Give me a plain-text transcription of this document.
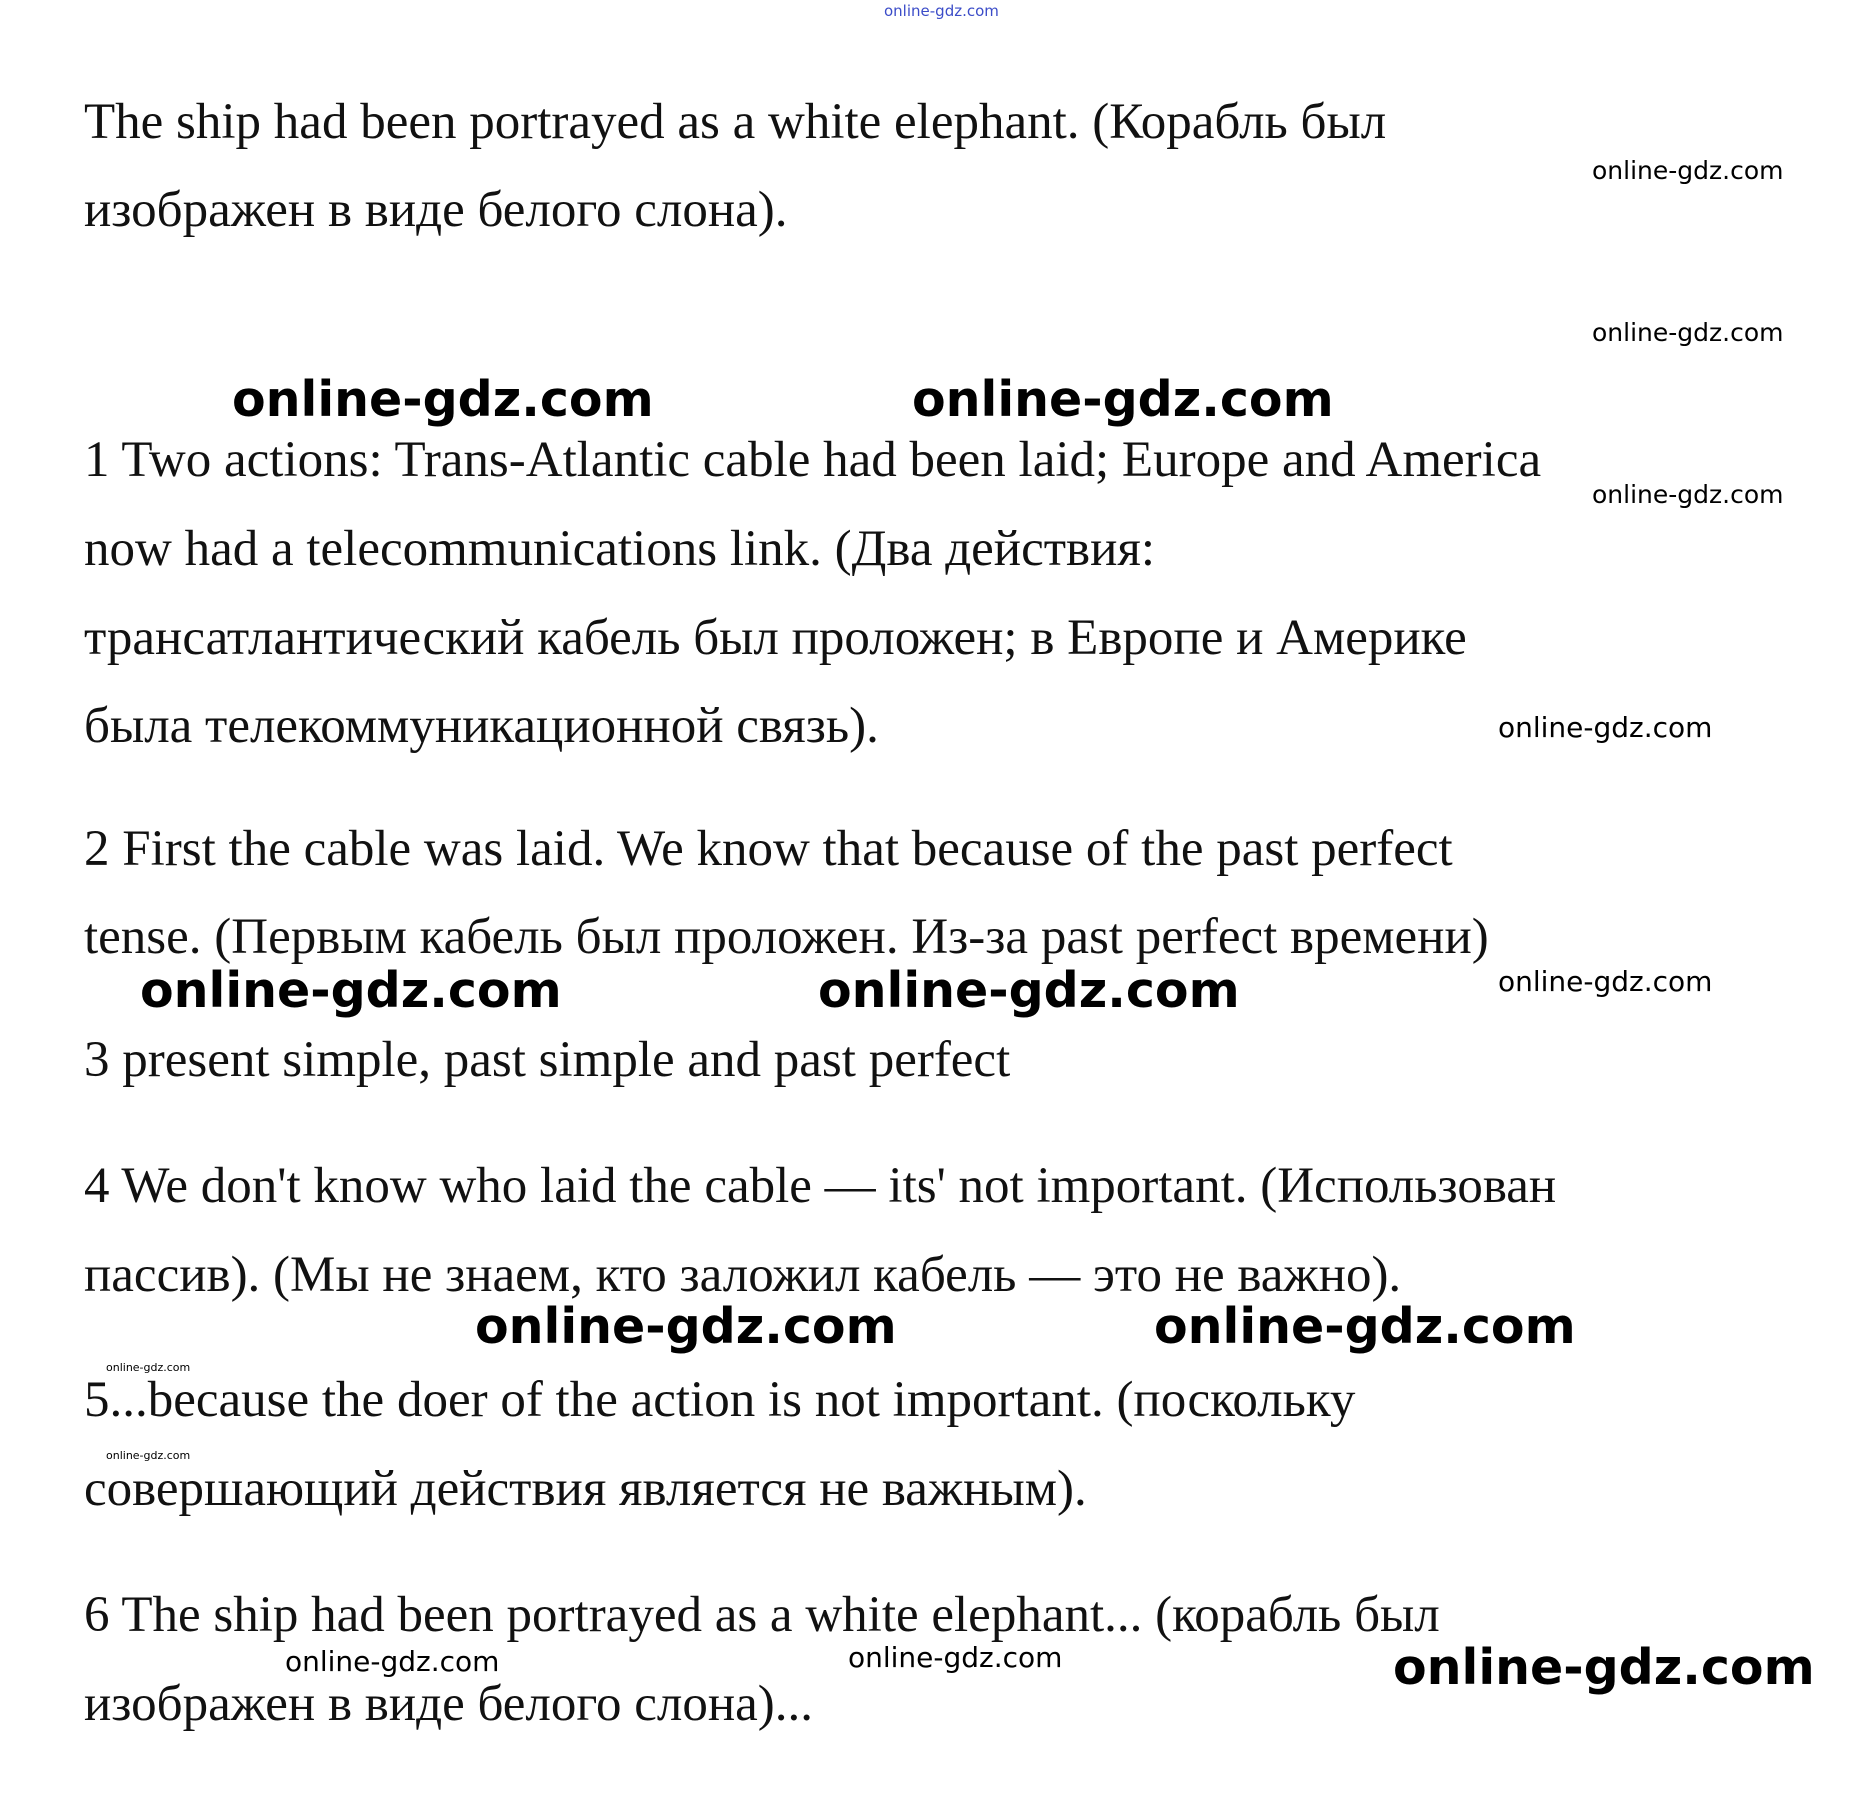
online-gdz.com
online-gdz.com
online-gdz.com
online-gdz.com	online-gdz.com
online-gdz.com
online-gdz.com
online-gdz.com
online-gdz.com	online-gdz.com
online-gdz.com	online-gdz.com
online-gdz.com
online-gdz.com
online-gdz.com	online-gdz.com	online-gdz.com
The ship had been portrayed as a white elephant. (Корабль был
изображен в виде белого слона).
1 Two actions: Trans-Atlantic cable had been laid; Europe and America
now had a telecommunications link. (Два действия:
трансатлантический кабель был проложен; в Европе и Америке
была телекоммуникационной связь).
2 First the cable was laid. We know that because of the past perfect
tense. (Первым кабель был проложен. Из-за past perfect времени)
3 present simple, past simple and past perfect
4 We don't know who laid the cable — its' not important. (Использован
пассив). (Мы не знаем, кто заложил кабель — это не важно).
5...because the doer of the action is not important. (поскольку
совершающий действия является не важным).
6 The ship had been portrayed as a white elephant... (корабль был
изображен в виде белого слона)...
